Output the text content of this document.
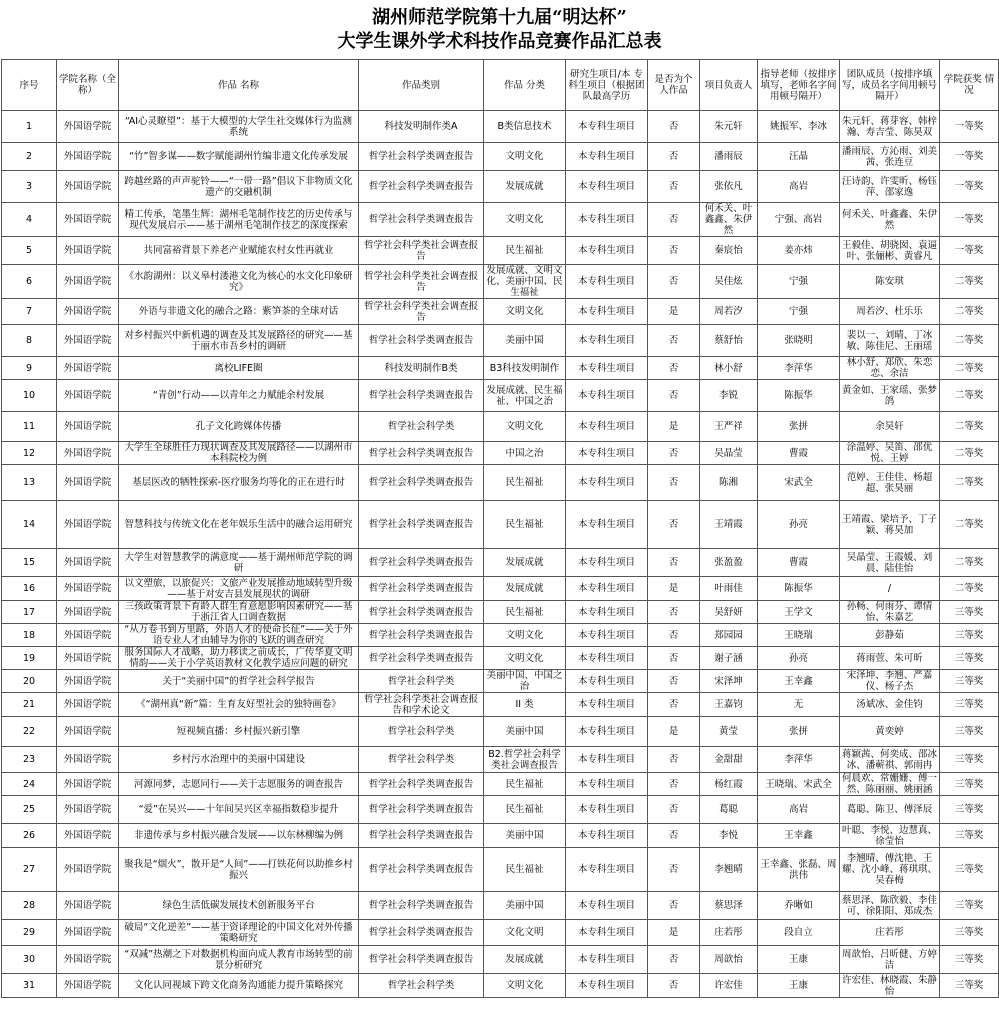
湖州师范学院第十九届“明达杯”
大学生课外学术科技作品竞赛作品汇总表
序号	学院名称（全称）	作品 名称	作品类别	作品 分类	研究生项目/本 专科生项目（根据团队最高学历	是否为个人作品	项目负责人	指导老师（按排序填写，老师名字间用顿号隔开）	团队成员（按排序填写，成员名字间用顿号隔开）	学院获奖 情况
1	外国语学院	“AI心灵瞭望”：基于大模型的大学生社交媒体行为监测系统	科技发明制作类A	B类信息技术	本专科生项目	否	朱元轩	姚振军、李冰	朱元轩、蒋芽容、韩梓瀚、寿吉莹、陈昊双	一等奖
2	外国语学院	“竹”智多谋——数字赋能湖州竹编非遗文化传承发展	哲学社会科学类调查报告	文明文化	本专科生项目	否	潘雨辰	汪晶	潘雨辰、方沁雨、刘美茜、张连豆	一等奖
3	外国语学院	跨越丝路的声声驼铃——“一带一路”倡议下非物质文化遗产的交融机制	哲学社会科学类调查报告	发展成就	本专科生项目	否	张依凡	高岩	汪诗韵、许雯昕、杨钰萍、邵家逸	一等奖
4	外国语学院	精工传承，笔墨生辉：湖州毛笔制作技艺的历史传承与现代发展启示——基于湖州毛笔制作技艺的深度探索	哲学社会科学类调查报告	文明文化	本专科生项目	否	何禾关、叶鑫鑫、朱伊然	宁强、高岩	何禾关、叶鑫鑫、朱伊然	一等奖
5	外国语学院	共同富裕背景下养老产业赋能农村女性再就业	哲学社会科学类社会调查报告	民生福祉	本专科生项目	否	秦宸怡	姜亦炜	王毅佳、胡骁囡、袁逼叶、张俪彬、黄睿凡	一等奖
6	外国语学院	《水韵湖州：以义皋村溇港文化为核心的水文化印象研究》	哲学社会科学类社会调查报告	发展成就、文明文化、美丽中国、民生福祉	本专科生项目	否	吴佳炫	宁强	陈安琪	二等奖
7	外国语学院	外语与非遗文化的融合之路：紫笋茶的全球对话	哲学社会科学类社会调查报告	文明文化	本专科生项目	是	周若汐	宁强	周若汐、杜乐乐	二等奖
8	外国语学院	对乡村振兴中新机遇的调查及其发展路径的研究——基于丽水市吾乡村的调研	哲学社会科学类调查报告	美丽中国	本专科生项目	否	蔡舒怡	张晓明	裴以一、刘晴、丁冰敏、陈佳尼、王丽瑶	二等奖
9	外国语学院	离校LIFE圈	科技发明制作B类	B3科技发明制作	本专科生项目	否	林小舒	李萍华	林小舒、郑欣、朱恋恋、余洁	二等奖
10	外国语学院	“青创”行动——以青年之力赋能余村发展	哲学社会科学类调查报告	发展成就、民生福祉、中国之治	本专科生项目	否	李锐	陈振华	黄金如、王家瑶、张梦鸽	二等奖
11	外国语学院	孔子文化跨媒体传播	哲学社会科学类	文明文化	本专科生项目	是	王严祥	张拼	余昊轩	二等奖
12	外国语学院	大学生全球胜任力现状调查及其发展路径——以湖州市本科院校为例	哲学社会科学类调查报告	中国之治	本专科生项目	否	吴晶莹	曹霞	涂温婷、吴笛、邵优悦、王婷	二等奖
13	外国语学院	基层医改的牺牲探索-医疗服务均等化的正在进行时	哲学社会科学类调查报告	民生福祉	本专科生项目	否	陈湘	宋武全	范婷、王佳佳、杨超超、张昊丽	二等奖
14	外国语学院	智慧科技与传统文化在老年娱乐生活中的融合运用研究	哲学社会科学类调查报告	民生福祉	本专科生项目	否	王靖霞	孙亮	王靖霞、梁培予、丁子颖、蒋昊加	二等奖
15	外国语学院	大学生对智慧教学的满意度——基于湖州师范学院的调研	哲学社会科学类调查报告	发展成就	本专科生项目	否	张盈盈	曹霞	吴晶莹、王霞媛、刘晨、陆佳怡	二等奖
16	外国语学院	以文塑旅，以旅促兴：文旅产业发展推动地域转型升级——基于对安吉县发展现状的调研	哲学社会科学类调查报告	发展成就	本专科生项目	是	叶雨佳	陈振华	/	二等奖
17	外国语学院	三孩政策背景下育龄人群生育意愿影响因素研究——基于浙江省人口调查数据	哲学社会科学类调查报告	民生福祉	本专科生项目	否	吴舒妍	王学文	孙畅、何雨芬、谭情怡、朱嘉艺	三等奖
18	外国语学院	“从万卷书到万里路，外语人才的使命长征”——关于外语专业人才由辅导为你的飞跃的调查研究	哲学社会科学类调查报告	文明文化	本专科生项目	否	郑园园	王晓瑞	彭静茹	三等奖
19	外国语学院	服务国际人才战略，助力移读之前成长，广传华夏文明情韵——关于小学英语教材文化教学适应问题的研究	哲学社会科学类调查报告	文明文化	本专科生项目	否	谢子涵	孙亮	蒋雨萱、朱可昕	三等奖
20	外国语学院	关于“美丽中国”的哲学社会科学报告	哲学社会科学类	美丽中国、中国之治	本专科生项目	否	宋泽坤	王幸鑫	宋泽坤、李翘、严嘉仪、杨子杰	三等奖
21	外国语学院	《“湖州真“新”篇：生育友好型社会的独特画卷》	哲学社会科学类社会调查报告和学术论文	II 类	本专科生项目	否	王嘉钧	无	汤斌冰、金佳钧	三等奖
22	外国语学院	短视频直播：乡村振兴新引擎	哲学社会科学类	美丽中国	本专科生项目	是	黄莹	张拼	黄奕婷	三等奖
23	外国语学院	乡村污水治理中的美丽中国建设	哲学社会科学类	B2.哲学社会科学类社会调查报告	本专科生项目	否	金甜甜	李萍华	蒋颖茜、何奕成、邵冰冰、潘蕲祺、郭雨冉	三等奖
24	外国语学院	河源同梦，志愿同行——关于志愿服务的调查报告	哲学社会科学类调查报告	民生福祉	本专科生项目	否	杨红霞	王晓瑞、宋武全	何晨欢、常姗姗、傅一然、陈丽丽、姚丽涵	三等奖
25	外国语学院	“爱”在吴兴——十年间吴兴区幸福指数稳步提升	哲学社会科学类调查报告	民生福祉	本专科生项目	否	葛聪	高岩	葛聪、陈卫、傅泽辰	三等奖
26	外国语学院	非遗传承与乡村振兴融合发展——以东林柳编为例	哲学社会科学类调查报告	美丽中国	本专科生项目	否	李悦	王幸鑫	叶聪、李悦、边慧真、徐莹怡	三等奖
27	外国语学院	聚我是“烟火”，散开是“人间”——打铁花何以助推乡村振兴	哲学社会科学类调查报告	民生福祉	本专科生项目	否	李翘晴	王幸鑫、张磊、周洪伟	李翘晴、傅沈艳、王耀、沈小峰、蒋琪琪、吴春梅	三等奖
28	外国语学院	绿色生活低碳发展技术创新服务平台	哲学社会科学类调查报告	美丽中国	本专科生项目	否	蔡思泽	乔晰如	蔡思泽、陈欣毅、李佳可、徐阳阳、郑成杰	三等奖
29	外国语学院	破局“文化逆差”——基于资译理论的中国文化对外传播策略研究	哲学社会科学类调查报告	文化文明	本专科生项目	是	庄若彤	段自立	庄若彤	三等奖
30	外国语学院	“双减”热潮之下对数据机构面向成人教育市场转型的前景分析研究	哲学社会科学类调查报告	发展成就	本专科生项目	否	周歆怡	王康	周歆怡、吕昕健、方婷洁	三等奖
31	外国语学院	文化认同视域下跨文化商务沟通能力提升策略探究	哲学社会科学类	文明文化	本专科生项目	否	许宏佳	王康	许宏佳、林晓霞、朱静怡	三等奖
